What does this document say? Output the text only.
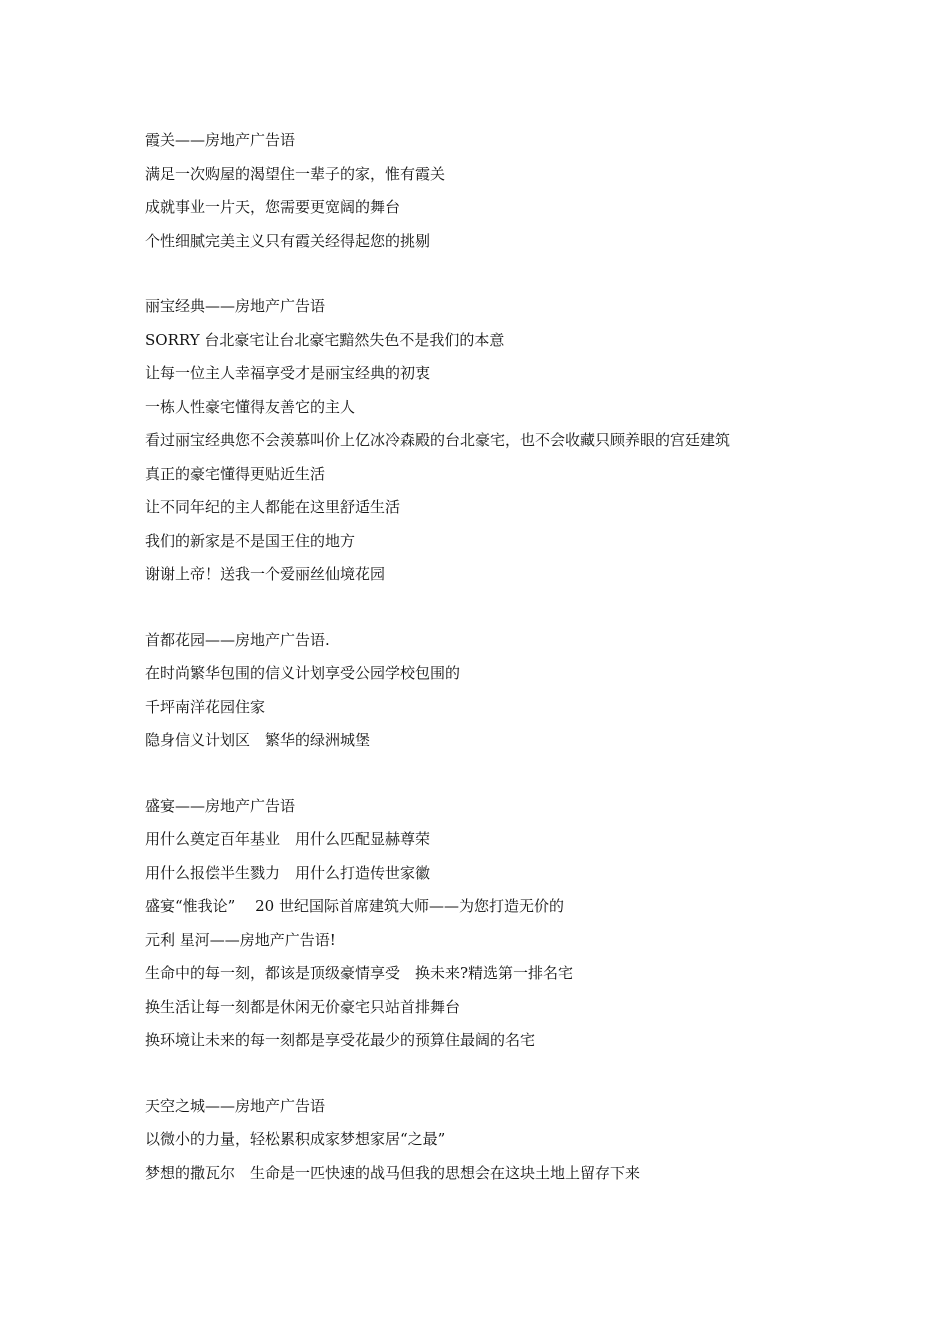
霞关——房地产广告语
满足一次购屋的渴望住一辈子的家，惟有霞关
成就事业一片天，您需要更宽阔的舞台
个性细腻完美主义只有霞关经得起您的挑剔
丽宝经典——房地产广告语
SORRY 台北豪宅让台北豪宅黯然失色不是我们的本意
让每一位主人幸福享受才是丽宝经典的初衷
一栋人性豪宅懂得友善它的主人
看过丽宝经典您不会羡慕叫价上亿冰冷森殿的台北豪宅，也不会收藏只顾养眼的宫廷建筑
真正的豪宅懂得更贴近生活
让不同年纪的主人都能在这里舒适生活
我们的新家是不是国王住的地方
谢谢上帝！送我一个爱丽丝仙境花园
首都花园——房地产广告语.
在时尚繁华包围的信义计划享受公园学校包围的
千坪南洋花园住家
隐身信义计划区　繁华的绿洲城堡
盛宴——房地产广告语
用什么奠定百年基业　用什么匹配显赫尊荣
用什么报偿半生戮力　用什么打造传世家徽
盛宴“惟我论”　 20 世纪国际首席建筑大师——为您打造无价的
元利 星河——房地产广告语!
生命中的每一刻，都该是顶级豪情享受　换未来?精选第一排名宅
换生活让每一刻都是休闲无价豪宅只站首排舞台
换环境让未来的每一刻都是享受花最少的预算住最阔的名宅
天空之城——房地产广告语
以微小的力量，轻松累积成家梦想家居“之最”
梦想的撒瓦尔　生命是一匹快速的战马但我的思想会在这块土地上留存下来
